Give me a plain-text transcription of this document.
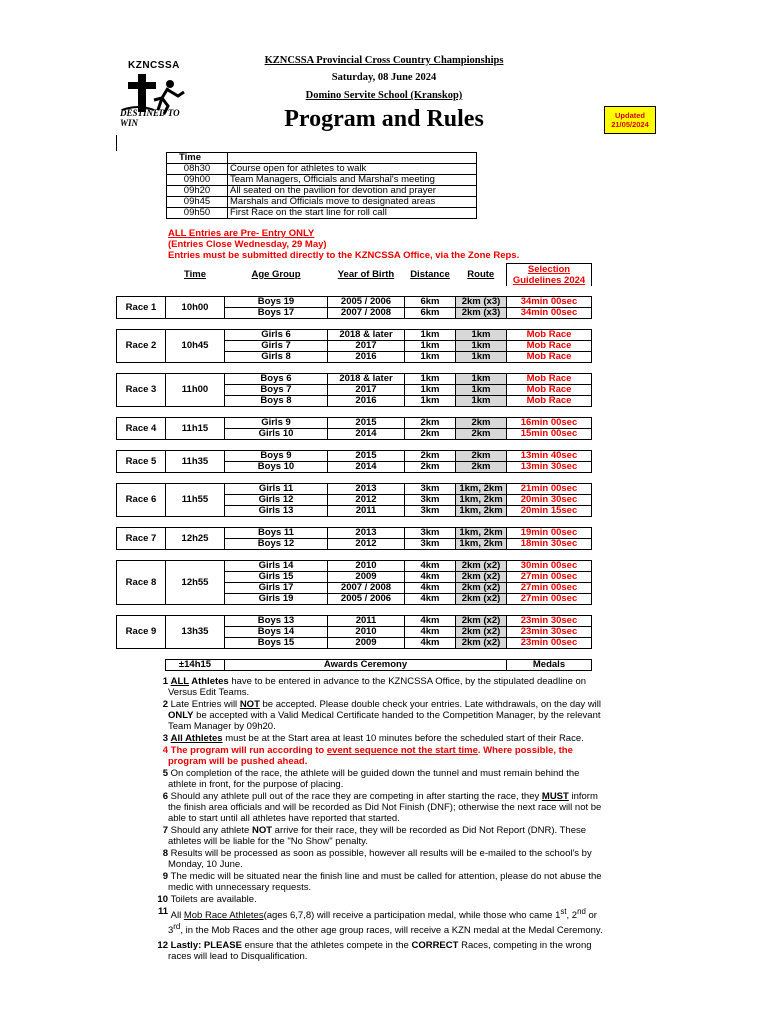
KZNCSSA
DESTINED TO WIN
KZNCSSA Provincial Cross Country Championships
Saturday, 08 June 2024
Domino Servite School (Kranskop)
Program and Rules	Updated
21/05/2024
Time	
08h30	Course open for athletes to walk
09h00	Team Managers, Officials and Marshal's meeting
09h20	All seated on the pavilion for devotion and prayer
09h45	Marshals and Officials move to designated areas
09h50	First Race on the start line for roll call
ALL Entries are Pre- Entry ONLY
(Entries Close Wednesday, 29 May)
Entries must be submitted directly to the KZNCSSA Office, via the Zone Reps.
	Time	Age Group	Year of Birth	Distance	Route	Selection
Guidelines 2024

Race 1	10h00	Boys 19	2005 / 2006	6km	2km (x3)	34min 00sec
		Boys 17	2007 / 2008	6km	2km (x3)	34min 00sec

Race 2	10h45	Girls 6	2018 & later	1km	1km	Mob Race
		Girls 7	2017	1km	1km	Mob Race
		Girls 8	2016	1km	1km	Mob Race

Race 3	11h00	Boys 6	2018 & later	1km	1km	Mob Race
		Boys 7	2017	1km	1km	Mob Race
		Boys 8	2016	1km	1km	Mob Race

Race 4	11h15	Girls 9	2015	2km	2km	16min 00sec
		Girls 10	2014	2km	2km	15min 00sec

Race 5	11h35	Boys 9	2015	2km	2km	13min 40sec
		Boys 10	2014	2km	2km	13min 30sec

Race 6	11h55	Girls 11	2013	3km	1km, 2km	21min 00sec
		Girls 12	2012	3km	1km, 2km	20min 30sec
		Girls 13	2011	3km	1km, 2km	20min 15sec

Race 7	12h25	Boys 11	2013	3km	1km, 2km	19min 00sec
		Boys 12	2012	3km	1km, 2km	18min 30sec

Race 8	12h55	Girls 14	2010	4km	2km (x2)	30min 00sec
		Girls 15	2009	4km	2km (x2)	27min 00sec
		Girls 17	2007 / 2008	4km	2km (x2)	27min 00sec
		Girls 19	2005 / 2006	4km	2km (x2)	27min 00sec

Race 9	13h35	Boys 13	2011	4km	2km (x2)	23min 30sec
		Boys 14	2010	4km	2km (x2)	23min 30sec
		Boys 15	2009	4km	2km (x2)	23min 00sec

	±14h15	Awards Ceremony				Medals
1 ALL Athletes have to be entered in advance to the KZNCSSA Office, by the stipulated deadline on Versus Edit Teams.
2 Late Entries will NOT be accepted. Please double check your entries. Late withdrawals, on the day will ONLY be accepted with a Valid Medical Certificate handed to the Competition Manager, by the relevant Team Manager by 09h20.
3 All Athletes must be at the Start area at least 10 minutes before the scheduled start of their Race.
4 The program will run according to event sequence not the start time. Where possible, the program will be pushed ahead.
5 On completion of the race, the athlete will be guided down the tunnel and must remain behind the athlete in front, for the purpose of placing.
6 Should any athlete pull out of the race they are competing in after starting the race, they MUST inform the finish area officials and will be recorded as Did Not Finish (DNF); otherwise the next race will not be able to start until all athletes have reported that started.
7 Should any athlete NOT arrive for their race, they will be recorded as Did Not Report (DNR). These athletes will be liable for the "No Show" penalty.
8 Results will be processed as soon as possible, however all results will be e-mailed to the school's by Monday, 10 June.
9 The medic will be situated near the finish line and must be called for attention, please do not abuse the medic with unnecessary requests.
10 Toilets are available.
11 All Mob Race Athletes(ages 6,7,8) will receive a participation medal, while those who came 1st, 2nd or 3rd, in the Mob Races and the other age group races, will receive a KZN medal at the Medal Ceremony.
12 Lastly: PLEASE ensure that the athletes compete in the CORRECT Races, competing in the wrong races will lead to Disqualification.
